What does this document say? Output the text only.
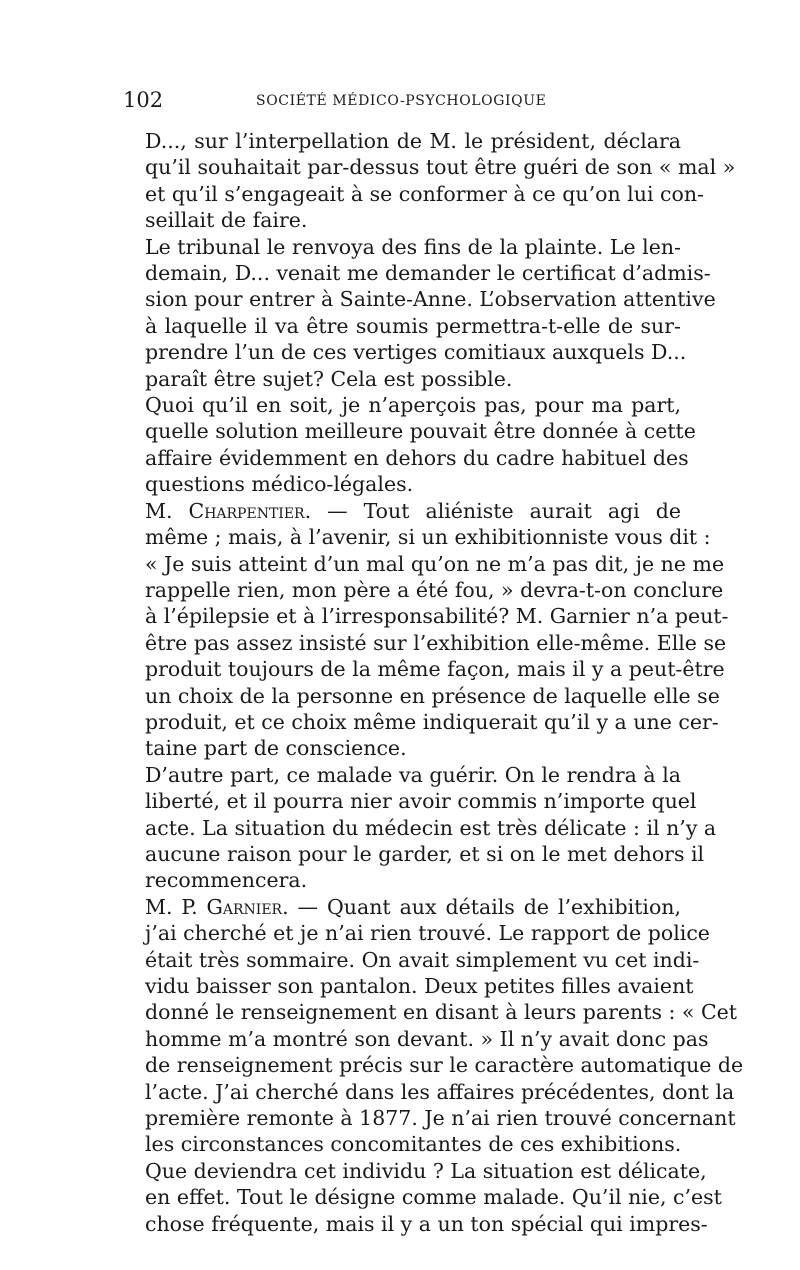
102	SOCIÉTÉ MÉDICO-PSYCHOLOGIQUE

D..., sur l’interpellation de M. le président, déclara
qu’il souhaitait par-dessus tout être guéri de son « mal »
et qu’il s’engageait à se conformer à ce qu’on lui con-
seillait de faire.

Le tribunal le renvoya des fins de la plainte. Le len-
demain, D... venait me demander le certificat d’admis-
sion pour entrer à Sainte-Anne. L’observation attentive
à laquelle il va être soumis permettra-t-elle de sur-
prendre l’un de ces vertiges comitiaux auxquels D...
paraît être sujet? Cela est possible.

Quoi qu’il en soit, je n’aperçois pas, pour ma part,
quelle solution meilleure pouvait être donnée à cette
affaire évidemment en dehors du cadre habituel des
questions médico-légales.

M. Charpentier. — Tout aliéniste aurait agi de
même ; mais, à l’avenir, si un exhibitionniste vous dit :
« Je suis atteint d’un mal qu’on ne m’a pas dit, je ne me
rappelle rien, mon père a été fou, » devra-t-on conclure
à l’épilepsie et à l’irresponsabilité? M. Garnier n’a peut-
être pas assez insisté sur l’exhibition elle-même. Elle se
produit toujours de la même façon, mais il y a peut-être
un choix de la personne en présence de laquelle elle se
produit, et ce choix même indiquerait qu’il y a une cer-
taine part de conscience.

D’autre part, ce malade va guérir. On le rendra à la
liberté, et il pourra nier avoir commis n’importe quel
acte. La situation du médecin est très délicate : il n’y a
aucune raison pour le garder, et si on le met dehors il
recommencera.

M. P. Garnier. — Quant aux détails de l’exhibition,
j’ai cherché et je n’ai rien trouvé. Le rapport de police
était très sommaire. On avait simplement vu cet indi-
vidu baisser son pantalon. Deux petites filles avaient
donné le renseignement en disant à leurs parents : « Cet
homme m’a montré son devant. » Il n’y avait donc pas
de renseignement précis sur le caractère automatique de
l’acte. J’ai cherché dans les affaires précédentes, dont la
première remonte à 1877. Je n’ai rien trouvé concernant
les circonstances concomitantes de ces exhibitions.

Que deviendra cet individu ? La situation est délicate,
en effet. Tout le désigne comme malade. Qu’il nie, c’est
chose fréquente, mais il y a un ton spécial qui impres-
